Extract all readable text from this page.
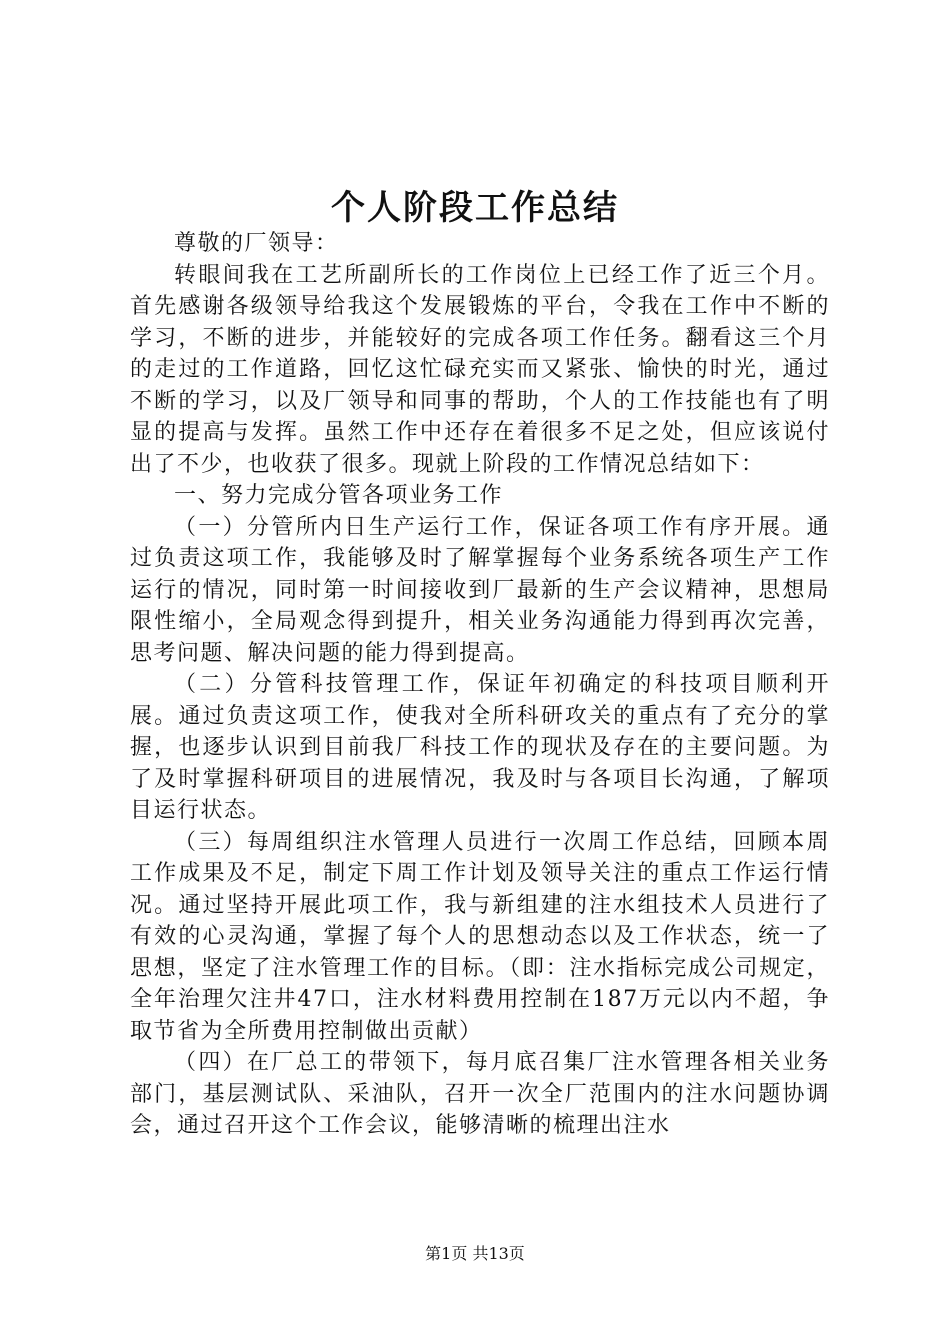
个人阶段工作总结

尊敬的厂领导：

转眼间我在工艺所副所长的工作岗位上已经工作了近三个月。首先感谢各级领导给我这个发展锻炼的平台，令我在工作中不断的学习，不断的进步，并能较好的完成各项工作任务。翻看这三个月的走过的工作道路，回忆这忙碌充实而又紧张、愉快的时光，通过不断的学习，以及厂领导和同事的帮助，个人的工作技能也有了明显的提高与发挥。虽然工作中还存在着很多不足之处，但应该说付出了不少，也收获了很多。现就上阶段的工作情况总结如下：

一、努力完成分管各项业务工作

（一）分管所内日生产运行工作，保证各项工作有序开展。通过负责这项工作，我能够及时了解掌握每个业务系统各项生产工作运行的情况，同时第一时间接收到厂最新的生产会议精神，思想局限性缩小，全局观念得到提升，相关业务沟通能力得到再次完善，思考问题、解决问题的能力得到提高。

（二）分管科技管理工作，保证年初确定的科技项目顺利开展。通过负责这项工作，使我对全所科研攻关的重点有了充分的掌握，也逐步认识到目前我厂科技工作的现状及存在的主要问题。为了及时掌握科研项目的进展情况，我及时与各项目长沟通，了解项目运行状态。

（三）每周组织注水管理人员进行一次周工作总结，回顾本周工作成果及不足，制定下周工作计划及领导关注的重点工作运行情况。通过坚持开展此项工作，我与新组建的注水组技术人员进行了有效的心灵沟通，掌握了每个人的思想动态以及工作状态，统一了思想，坚定了注水管理工作的目标。（即：注水指标完成公司规定，全年治理欠注井47口，注水材料费用控制在187万元以内不超，争取节省为全所费用控制做出贡献）

（四）在厂总工的带领下，每月底召集厂注水管理各相关业务部门，基层测试队、采油队，召开一次全厂范围内的注水问题协调会，通过召开这个工作会议，能够清晰的梳理出注水

第1页 共13页
